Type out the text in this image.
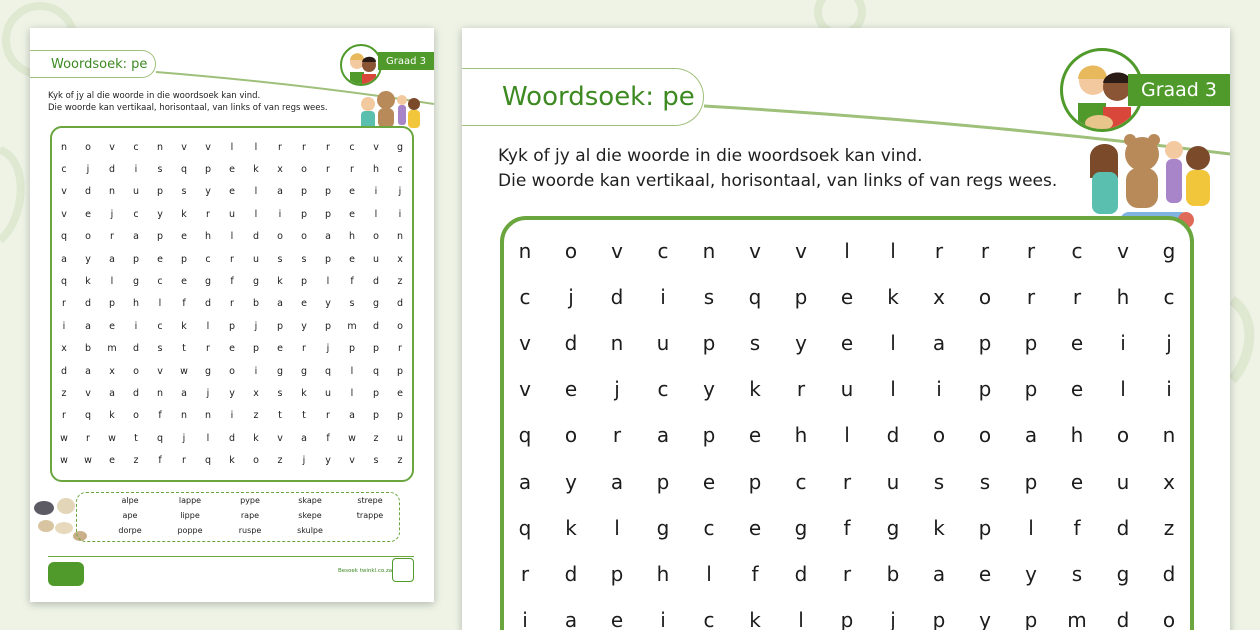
Woordsoek: pe	Graad 3
Kyk of jy al die woorde in die woordsoek kan vind.
Die woorde kan vertikaal, horisontaal, van links of van regs wees.
n	o	v	c	n	v	v	l	l	r	r	r	c	v	g
c	j	d	i	s	q	p	e	k	x	o	r	r	h	c
v	d	n	u	p	s	y	e	l	a	p	p	e	i	j
v	e	j	c	y	k	r	u	l	i	p	p	e	l	i
q	o	r	a	p	e	h	l	d	o	o	a	h	o	n
a	y	a	p	e	p	c	r	u	s	s	p	e	u	x
q	k	l	g	c	e	g	f	g	k	p	l	f	d	z
r	d	p	h	l	f	d	r	b	a	e	y	s	g	d
i	a	e	i	c	k	l	p	j	p	y	p	m	d	o
x	b	m	d	s	t	r	e	p	e	r	j	p	p	r
d	a	x	o	v	w	g	o	i	g	g	q	l	q	p
z	v	a	d	n	a	j	y	x	s	k	u	l	p	e
r	q	k	o	f	n	n	i	z	t	t	r	a	p	p
w	r	w	t	q	j	l	d	k	v	a	f	w	z	u
w	w	e	z	f	r	q	k	o	z	j	y	v	s	z
alpe	lappe	pype	skape	strepe
ape	lippe	rape	skepe	trappe
dorpe	poppe	ruspe	skulpe
Besoek twinkl.co.za
Woordsoek: pe	Graad 3
Kyk of jy al die woorde in die woordsoek kan vind.
Die woorde kan vertikaal, horisontaal, van links of van regs wees.
n	o	v	c	n	v	v	l	l	r	r	r	c	v	g
c	j	d	i	s	q	p	e	k	x	o	r	r	h	c
v	d	n	u	p	s	y	e	l	a	p	p	e	i	j
v	e	j	c	y	k	r	u	l	i	p	p	e	l	i
q	o	r	a	p	e	h	l	d	o	o	a	h	o	n
a	y	a	p	e	p	c	r	u	s	s	p	e	u	x
q	k	l	g	c	e	g	f	g	k	p	l	f	d	z
r	d	p	h	l	f	d	r	b	a	e	y	s	g	d
i	a	e	i	c	k	l	p	j	p	y	p	m	d	o
